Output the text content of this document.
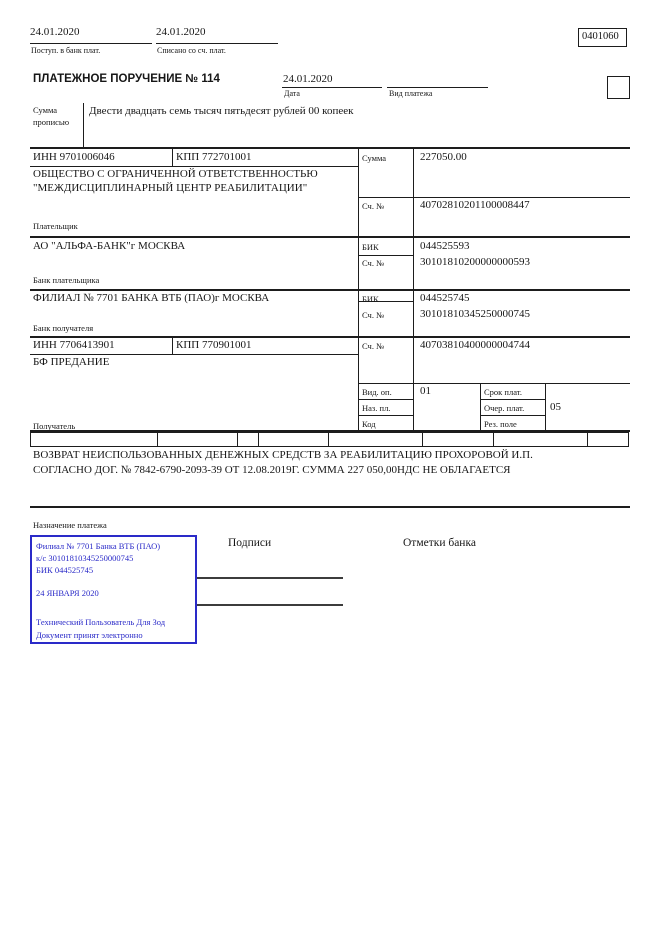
24.01.2020
Поступ. в банк плат.
24.01.2020
Списано со сч. плат.
0401060
ПЛАТЕЖНОЕ ПОРУЧЕНИЕ № 114	24.01.2020
Дата	Вид платежа
Сумма
прописью
Двести двадцать семь тысяч пятьдесят рублей 00 копеек
ИНН 9701006046	КПП 772701001	Сумма	227050.00
ОБЩЕСТВО С ОГРАНИЧЕННОЙ ОТВЕТСТВЕННОСТЬЮ
"МЕЖДИСЦИПЛИНАРНЫЙ ЦЕНТР РЕАБИЛИТАЦИИ"
Сч. №	40702810201100008447
Плательщик
АО "АЛЬФА-БАНК"г МОСКВА	БИК	044525593
Сч. №	30101810200000000593
Банк плательщика
ФИЛИАЛ № 7701 БАНКА ВТБ (ПАО)г МОСКВА	БИК	044525745
Сч. №	30101810345250000745
Банк получателя
ИНН 7706413901	КПП 770901001	Сч. №	40703810400000004744
БФ ПРЕДАНИЕ
Вид. оп.	01	Срок плат.
Наз. пл.	Очер. плат. 05
Код	Рез. поле
Получатель
ВОЗВРАТ НЕИСПОЛЬЗОВАННЫХ ДЕНЕЖНЫХ СРЕДСТВ ЗА РЕАБИЛИТАЦИЮ ПРОХОРОВОЙ И.П.
СОГЛАСНО ДОГ. № 7842-6790-2093-39 ОТ 12.08.2019Г. СУММА 227 050,00НДС НЕ ОБЛАГАЕТСЯ
Назначение платежа
Филиал № 7701 Банка ВТБ (ПАО)
к/с 30101810345250000745
БИК 044525745
24 ЯНВАРЯ 2020
Технический Пользователь Для Зод
Документ принят электронно
Подписи	Отметки банка
